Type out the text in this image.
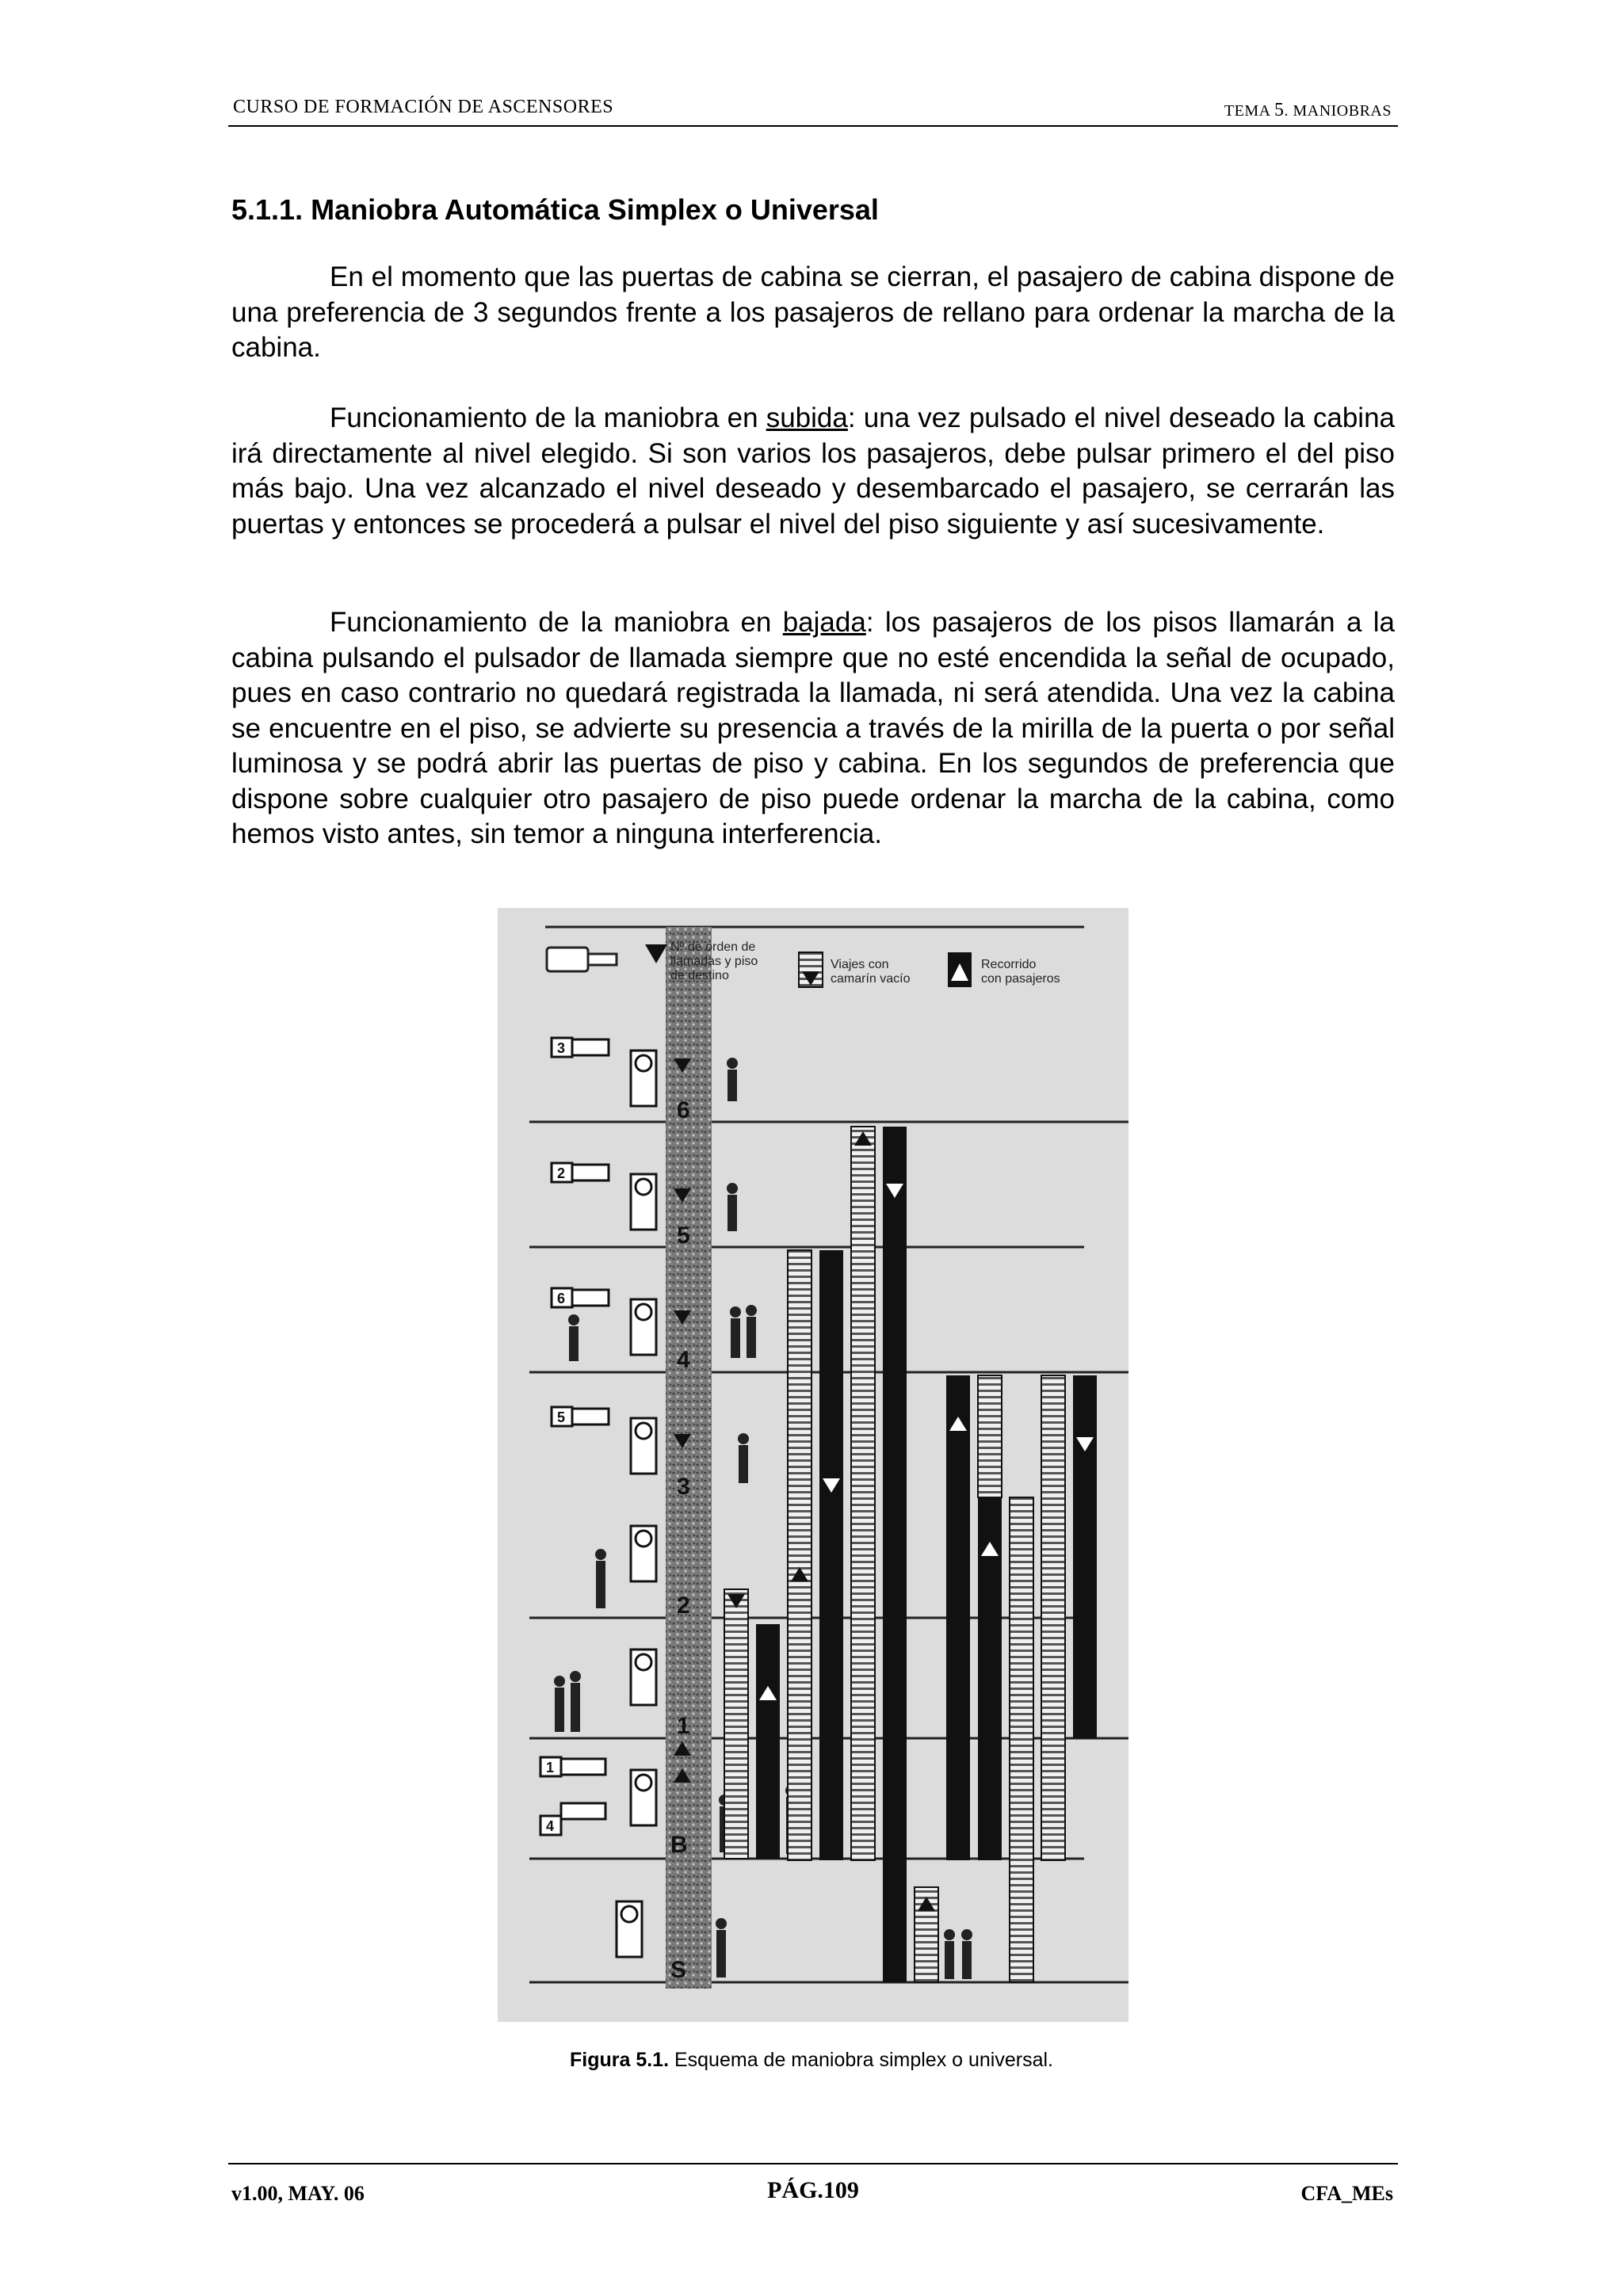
CURSO DE FORMACIÓN DE ASCENSORES	TEMA 5. MANIOBRAS
5.1.1. Maniobra Automática Simplex o Universal
En el momento que las puertas de cabina se cierran, el pasajero de cabina dispone de una preferencia de 3 segundos frente a los pasajeros de rellano para ordenar la marcha de la cabina.
Funcionamiento de la maniobra en subida: una vez pulsado el nivel deseado la cabina irá directamente al nivel elegido. Si son varios los pasajeros, debe pulsar primero el del piso más bajo. Una vez alcanzado el nivel deseado y desembarcado el pasajero, se cerrarán las puertas y entonces se procederá a pulsar el nivel del piso siguiente y así sucesivamente.
Funcionamiento de la maniobra en bajada: los pasajeros de los pisos llamarán a la cabina pulsando el pulsador de llamada siempre que no esté encendida la señal de ocupado, pues en caso contrario no quedará registrada la llamada, ni será atendida. Una vez la cabina se encuentre en el piso, se advierte su presencia a través de la mirilla de la puerta o por señal luminosa y se podrá abrir las puertas de piso y cabina. En los segundos de preferencia que dispone sobre cualquier otro pasajero de piso puede ordenar la marcha de la cabina, como hemos visto antes, sin temor a ninguna interferencia.
6
5
4
3
2
1
B
S
Nº de orden de
llamadas y piso
de destino
Viajes con
camarín vacío
Recorrido
con pasajeros
3
2
6
5
1
4
Figura 5.1. Esquema de maniobra simplex o universal.
v1.00, MAY. 06	PÁG.109	CFA_MEs
